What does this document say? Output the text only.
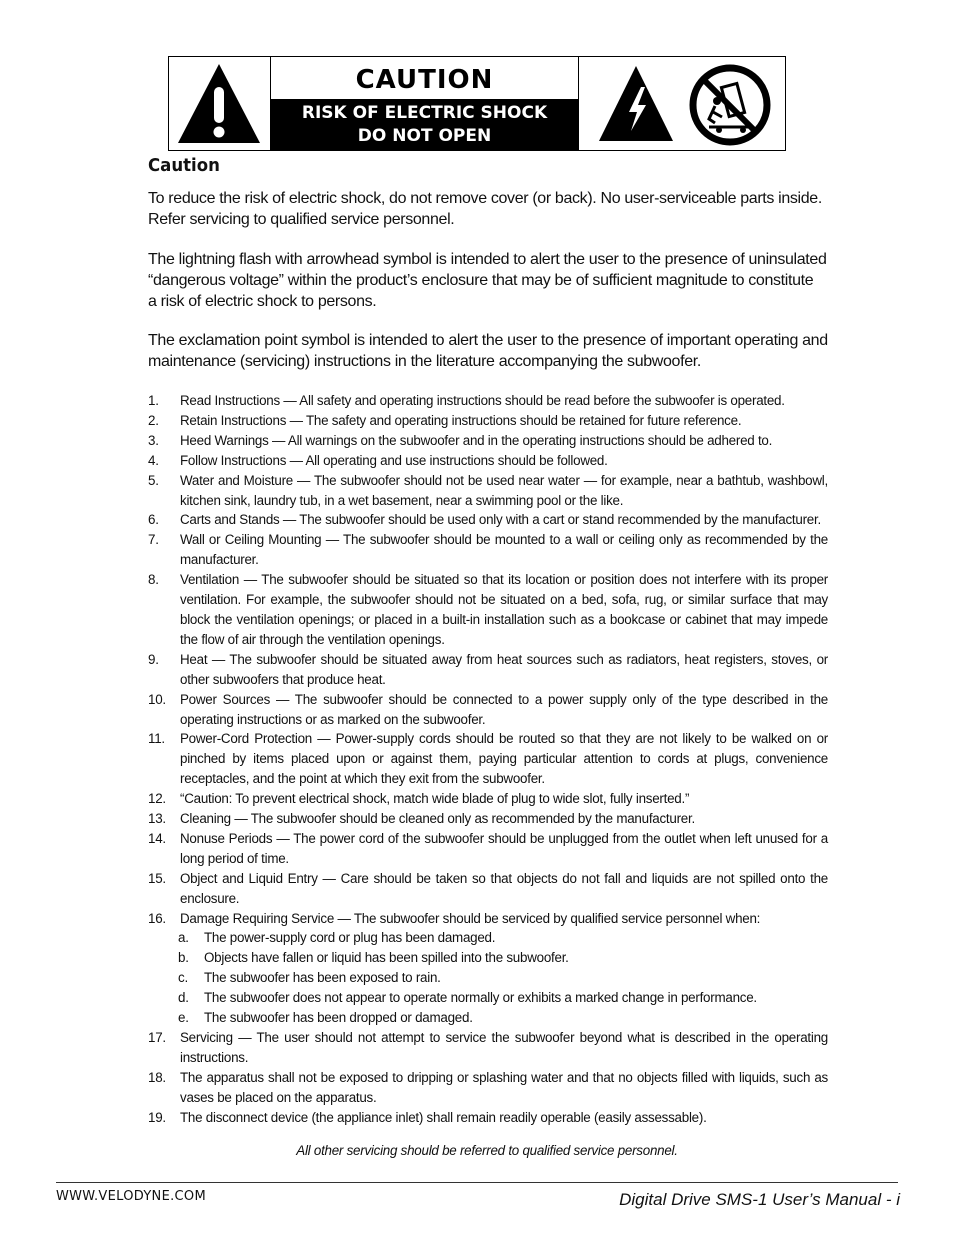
CAUTION
RISK OF ELECTRIC SHOCK
DO NOT OPEN
Caution
To reduce the risk of electric shock, do not remove cover (or back). No user-serviceable parts inside.
Refer servicing to qualified service personnel.
The lightning flash with arrowhead symbol is intended to alert the user to the presence of uninsulated
“dangerous voltage” within the product’s enclosure that may be of sufficient magnitude to constitute
a risk of electric shock to persons.
The exclamation point symbol is intended to alert the user to the presence of important operating and
maintenance (servicing) instructions in the literature accompanying the subwoofer.
1. Read Instructions — All safety and operating instructions should be read before the subwoofer is operated.
2. Retain Instructions — The safety and operating instructions should be retained for future reference.
3. Heed Warnings — All warnings on the subwoofer and in the operating instructions should be adhered to.
4. Follow Instructions — All operating and use instructions should be followed.
5. Water and Moisture — The subwoofer should not be used near water — for example, near a bathtub, washbowl, kitchen sink, laundry tub, in a wet basement, near a swimming pool or the like.
6. Carts and Stands — The subwoofer should be used only with a cart or stand recommended by the manufacturer.
7. Wall or Ceiling Mounting — The subwoofer should be mounted to a wall or ceiling only as recommended by the manufacturer.
8. Ventilation — The subwoofer should be situated so that its location or position does not interfere with its proper ventilation. For example, the subwoofer should not be situated on a bed, sofa, rug, or similar surface that may block the ventilation openings; or placed in a built-in installation such as a bookcase or cabinet that may impede the flow of air through the ventilation openings.
9. Heat — The subwoofer should be situated away from heat sources such as radiators, heat registers, stoves, or other subwoofers that produce heat.
10. Power Sources — The subwoofer should be connected to a power supply only of the type described in the operating instructions or as marked on the subwoofer.
11. Power-Cord Protection — Power-supply cords should be routed so that they are not likely to be walked on or pinched by items placed upon or against them, paying particular attention to cords at plugs, convenience receptacles, and the point at which they exit from the subwoofer.
12. “Caution: To prevent electrical shock, match wide blade of plug to wide slot, fully inserted.”
13. Cleaning — The subwoofer should be cleaned only as recommended by the manufacturer.
14. Nonuse Periods — The power cord of the subwoofer should be unplugged from the outlet when left unused for a long period of time.
15. Object and Liquid Entry — Care should be taken so that objects do not fall and liquids are not spilled onto the enclosure.
16. Damage Requiring Service — The subwoofer should be serviced by qualified service personnel when:
a. The power-supply cord or plug has been damaged.
b. Objects have fallen or liquid has been spilled into the subwoofer.
c. The subwoofer has been exposed to rain.
d. The subwoofer does not appear to operate normally or exhibits a marked change in performance.
e. The subwoofer has been dropped or damaged.
17. Servicing — The user should not attempt to service the subwoofer beyond what is described in the operating instructions.
18. The apparatus shall not be exposed to dripping or splashing water and that no objects filled with liquids, such as vases be placed on the apparatus.
19. The disconnect device (the appliance inlet) shall remain readily operable (easily assessable).
All other servicing should be referred to qualified service personnel.
WWW.VELODYNE.COM	Digital Drive SMS-1 User’s Manual - i
